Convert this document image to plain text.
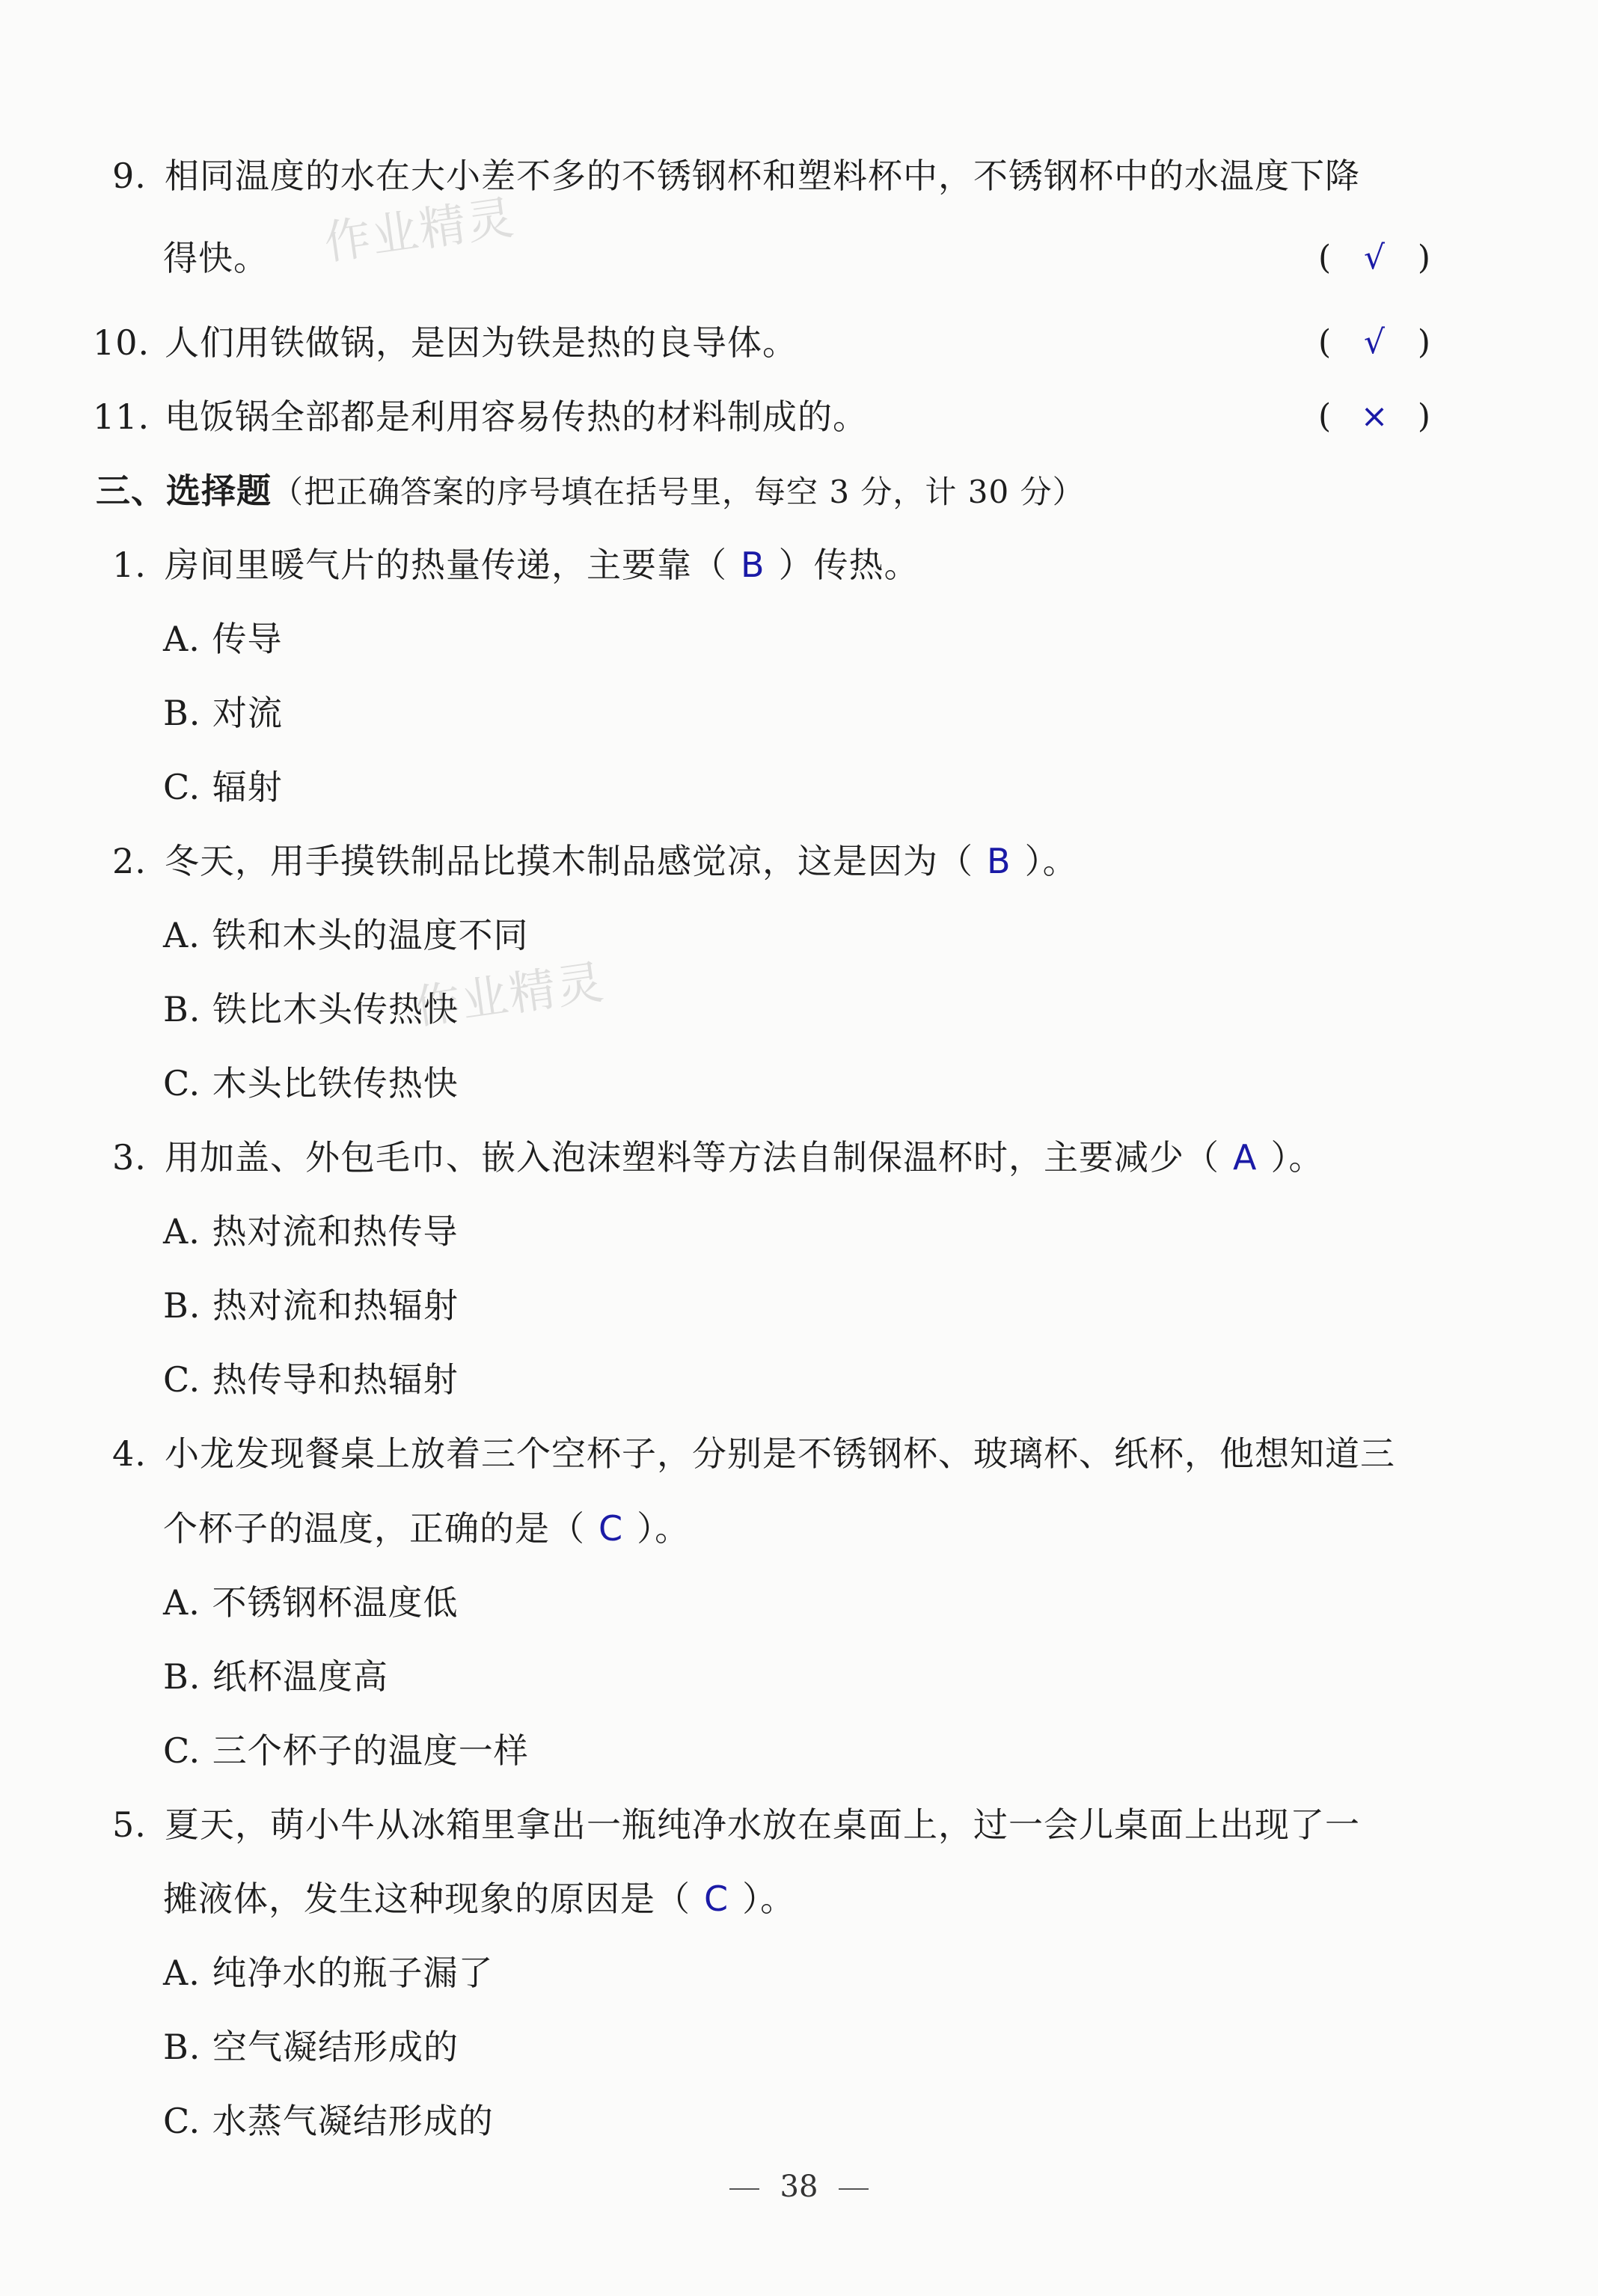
作业精灵
作业精灵
9. 相同温度的水在大小差不多的不锈钢杯和塑料杯中，不锈钢杯中的水温度下降
得快。	( √ )
10. 人们用铁做锅，是因为铁是热的良导体。	( √ )
11. 电饭锅全部都是利用容易传热的材料制成的。	( × )
三、选择题（把正确答案的序号填在括号里，每空 3 分，计 30 分）
1. 房间里暖气片的热量传递，主要靠（ B ）传热。
A. 传导
B. 对流
C. 辐射
2. 冬天，用手摸铁制品比摸木制品感觉凉，这是因为（ B ）。
A. 铁和木头的温度不同
B. 铁比木头传热快
C. 木头比铁传热快
3. 用加盖、外包毛巾、嵌入泡沫塑料等方法自制保温杯时，主要减少（ A ）。
A. 热对流和热传导
B. 热对流和热辐射
C. 热传导和热辐射
4. 小龙发现餐桌上放着三个空杯子，分别是不锈钢杯、玻璃杯、纸杯，他想知道三
个杯子的温度，正确的是（ C ）。
A. 不锈钢杯温度低
B. 纸杯温度高
C. 三个杯子的温度一样
5. 夏天，萌小牛从冰箱里拿出一瓶纯净水放在桌面上，过一会儿桌面上出现了一
摊液体，发生这种现象的原因是（ C ）。
A. 纯净水的瓶子漏了
B. 空气凝结形成的
C. 水蒸气凝结形成的
38
